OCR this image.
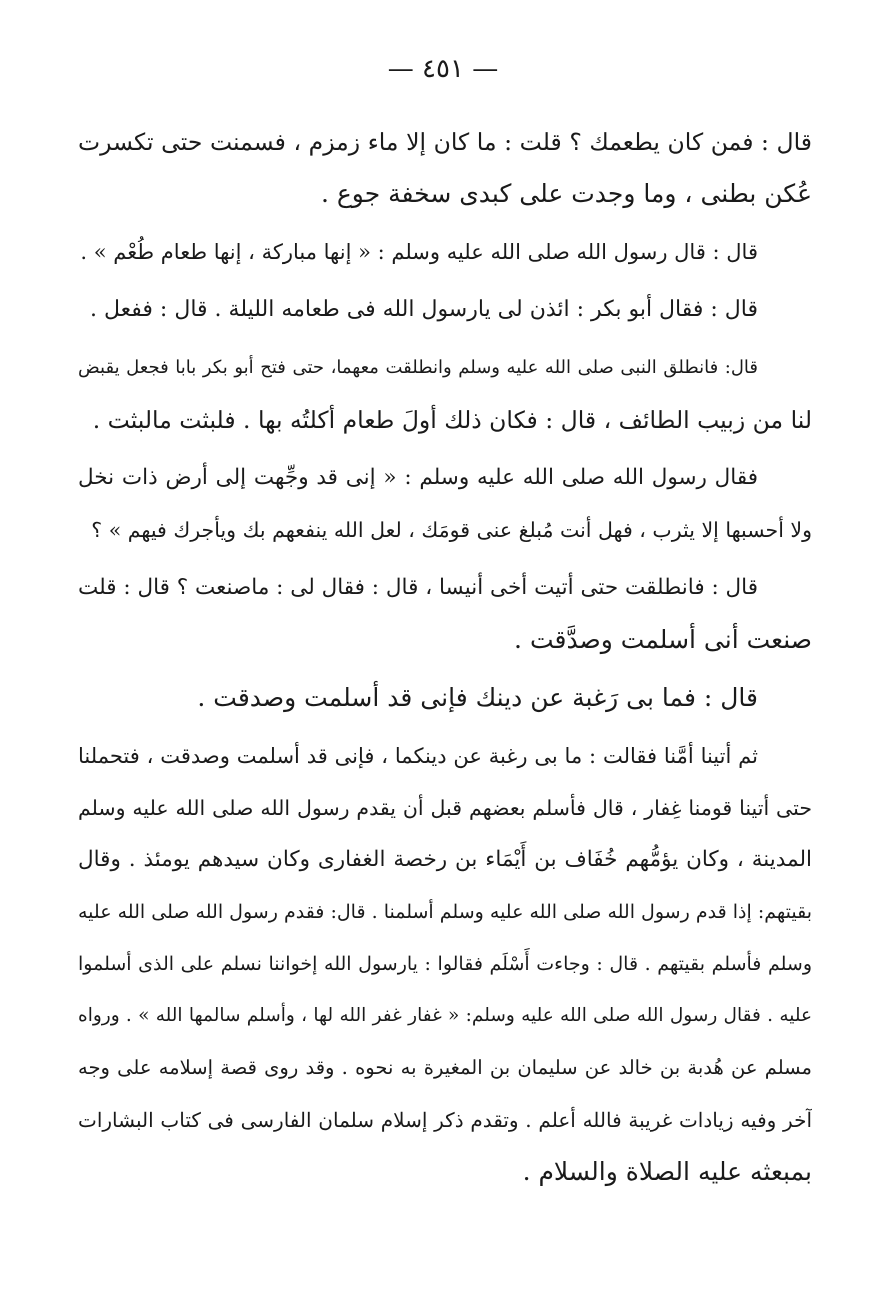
— ٤٥١ —
قال : فمن كان يطعمك ؟ قلت : ما كان إلا ماء زمزم ، فسمنت حتى تكسرت
عُكن بطنى ، وما وجدت على كبدى سخفة جوع .
قال : قال رسول الله صلى الله عليه وسلم : « إنها مباركة ، إنها طعام طُعْم » .
قال : فقال أبو بكر : ائذن لى يارسول الله فى طعامه الليلة . قال : ففعل .
قال: فانطلق النبى صلى الله عليه وسلم وانطلقت معهما، حتى فتح أبو بكر بابا فجعل يقبض
لنا من زبيب الطائف ، قال : فكان ذلك أولَ طعام أكلتُه بها . فلبثت مالبثت .
فقال رسول الله صلى الله عليه وسلم : « إنى قد وجِّهت إلى أرض ذات نخل
ولا أحسبها إلا يثرب ، فهل أنت مُبلغ عنى قومَك ، لعل الله ينفعهم بك ويأجرك فيهم » ؟
قال : فانطلقت حتى أتيت أخى أنيسا ، قال : فقال لى : ماصنعت ؟ قال : قلت
صنعت أنى أسلمت وصدَّقت .
قال : فما بى رَغبة عن دينك فإنى قد أسلمت وصدقت .
ثم أتينا أمَّنا فقالت : ما بى رغبة عن دينكما ، فإنى قد أسلمت وصدقت ، فتحملنا
حتى أتينا قومنا غِفار ، قال فأسلم بعضهم قبل أن يقدم رسول الله صلى الله عليه وسلم
المدينة ، وكان يؤمُّهم خُفَاف بن أَيْمَاء بن رخصة الغفارى وكان سيدهم يومئذ . وقال
بقيتهم: إذا قدم رسول الله صلى الله عليه وسلم أسلمنا . قال: فقدم رسول الله صلى الله عليه
وسلم فأسلم بقيتهم . قال : وجاءت أَسْلَم فقالوا : يارسول الله إخواننا نسلم على الذى أسلموا
عليه . فقال رسول الله صلى الله عليه وسلم: « غفار غفر الله لها ، وأسلم سالمها الله » . ورواه
مسلم عن هُدبة بن خالد عن سليمان بن المغيرة به نحوه . وقد روى قصة إسلامه على وجه
آخر وفيه زيادات غريبة فالله أعلم . وتقدم ذكر إسلام سلمان الفارسى فى كتاب البشارات
بمبعثه عليه الصلاة والسلام .
